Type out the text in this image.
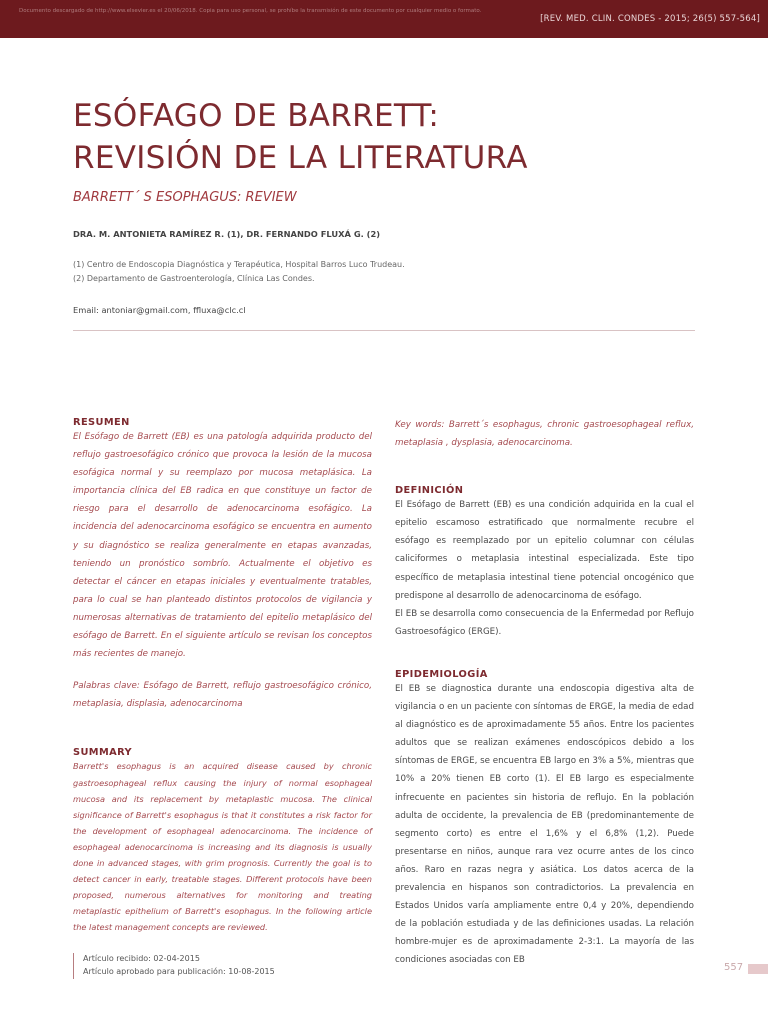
Documento descargado de http://www.elsevier.es el 20/06/2018. Copia para uso personal, se prohíbe la transmisión de este documento por cualquier medio o formato.
[REV. MED. CLIN. CONDES - 2015; 26(5) 557-564]
ESÓFAGO DE BARRETT:
REVISIÓN DE LA LITERATURA
BARRETT´ S ESOPHAGUS: REVIEW
DRA. M. ANTONIETA RAMÍREZ R. (1), DR. FERNANDO FLUXÁ G. (2)
(1) Centro de Endoscopia Diagnóstica y Terapéutica, Hospital Barros Luco Trudeau.
(2) Departamento de Gastroenterología, Clínica Las Condes.
Email: antoniar@gmail.com, ffluxa@clc.cl
RESUMEN

El Esófago de Barrett (EB) es una patología adquirida producto del reflujo gastroesofágico crónico que provoca la lesión de la mucosa esofágica normal y su reemplazo por mucosa metaplásica. La importancia clínica del EB radica en que constituye un factor de riesgo para el desarrollo de adenocarcinoma esofágico. La incidencia del adenocarcinoma esofágico se encuentra en aumento y su diagnóstico se realiza generalmente en etapas avanzadas, teniendo un pronóstico sombrío. Actualmente el objetivo es detectar el cáncer en etapas iniciales y eventualmente tratables, para lo cual se han planteado distintos protocolos de vigilancia y numerosas alternativas de tratamiento del epitelio metaplásico del esófago de Barrett. En el siguiente artículo se revisan los conceptos más recientes de manejo.

Palabras clave: Esófago de Barrett, reflujo gastroesofágico crónico, metaplasia, displasia, adenocarcinoma

SUMMARY

Barrett's esophagus is an acquired disease caused by chronic gastroesophageal reflux causing the injury of normal esophageal mucosa and its replacement by metaplastic mucosa. The clinical significance of Barrett's esophagus is that it constitutes a risk factor for the development of esophageal adenocarcinoma. The incidence of esophageal adenocarcinoma is increasing and its diagnosis is usually done in advanced stages, with grim prognosis. Currently the goal is to detect cancer in early, treatable stages. Different protocols have been proposed, numerous alternatives for monitoring and treating metaplastic epithelium of Barrett's esophagus. In the following article the latest management concepts are reviewed.

Key words: Barrett´s esophagus, chronic gastroesophageal reflux, metaplasia , dysplasia, adenocarcinoma.

DEFINICIÓN

El Esófago de Barrett (EB) es una condición adquirida en la cual el epitelio escamoso estratificado que normalmente recubre el esófago es reemplazado por un epitelio columnar con células caliciformes o metaplasia intestinal especializada. Este tipo específico de metaplasia intestinal tiene potencial oncogénico que predispone al desarrollo de adenocarcinoma de esófago.

El EB se desarrolla como consecuencia de la Enfermedad por Reflujo Gastroesofágico (ERGE).

EPIDEMIOLOGÍA

El EB se diagnostica durante una endoscopia digestiva alta de vigilancia o en un paciente con síntomas de ERGE, la media de edad al diagnóstico es de aproximadamente 55 años. Entre los pacientes adultos que se realizan exámenes endoscópicos debido a los síntomas de ERGE, se encuentra EB largo en 3% a 5%, mientras que 10% a 20% tienen EB corto (1). El EB largo es especialmente infrecuente en pacientes sin historia de reflujo. En la población adulta de occidente, la prevalencia de EB (predominantemente de segmento corto) es entre el 1,6% y el 6,8% (1,2). Puede presentarse en niños, aunque rara vez ocurre antes de los cinco años. Raro en razas negra y asiática. Los datos acerca de la prevalencia en hispanos son contradictorios. La prevalencia en Estados Unidos varía ampliamente entre 0,4 y 20%, dependiendo de la población estudiada y de las definiciones usadas. La relación hombre-mujer es de aproximadamente 2-3:1. La mayoría de las condiciones asociadas con EB

Artículo recibido: 02-04-2015
Artículo aprobado para publicación: 10-08-2015	557
